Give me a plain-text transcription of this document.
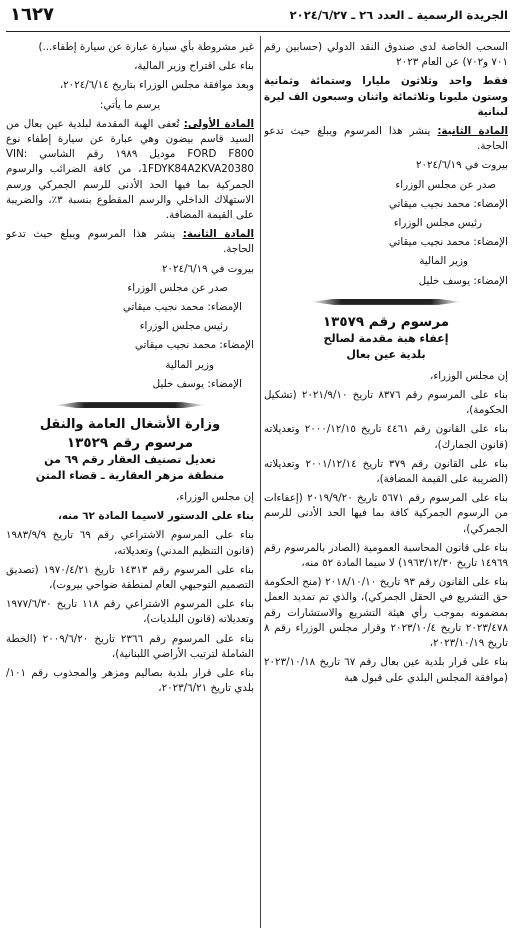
الجريدة الرسمية ـ العدد ٢٦ ـ ٢٠٢٤/٦/٢٧
١٦٢٧

السحب الخاصة لدى صندوق النقد الدولي (حسابين رقم ٧٠١ و٧٠٢) عن العام ٢٠٢٣

فقط واحد وثلاثون مليارا وستمائة وثمانية وستون مليونا وثلاثمائة واثنان وسبعون الف ليرة لبنانية

المادة الثانية: ينشر هذا المرسوم ويبلغ حيث تدعو الحاجة.

بيروت في ٢٠٢٤/٦/١٩

صدر عن مجلس الوزراء

الإمضاء: محمد نجيب ميقاتي

رئيس مجلس الوزراء

الإمضاء: محمد نجيب ميقاتي

وزير المالية

الإمضاء: يوسف خليل

مرسوم رقم ١٣٥٧٩
إعفاء هبة مقدمة لصالح
بلدية عين بعال

إن مجلس الوزراء،

بناء على المرسوم رقم ٨٣٧٦ تاريخ ٢٠٢١/٩/١٠ (تشكيل الحكومة)،

بناء على القانون رقم ٤٤٦١ تاريخ ٢٠٠٠/١٢/١٥ وتعديلاته (قانون الجمارك)،

بناء على القانون رقم ٣٧٩ تاريخ ٢٠٠١/١٢/١٤ وتعديلاته (الضريبة على القيمة المضافة)،

بناء على المرسوم رقم ٥٦٧١ تاريخ ٢٠١٩/٩/٢٠ (إعفاءات من الرسوم الجمركية كافة بما فيها الحد الأدنى للرسم الجمركي)،

بناء على قانون المحاسبة العمومية (الصادر بالمرسوم رقم ١٤٩٦٩ تاريخ ١٩٦٣/١٢/٣٠) لا سيما المادة ٥٢ منه،

بناء على القانون رقم ٩٣ تاريخ ٢٠١٨/١٠/١٠ (منح الحكومة حق التشريع في الحقل الجمركي)، والذي تم تمديد العمل بمضمونه بموجب رأي هيئة التشريع والاستشارات رقم ٢٠٢٣/٤٧٨ تاريخ ٢٠٢٣/١٠/٤ وقرار مجلس الوزراء رقم ٨ تاريخ ٢٠٢٣/١٠/١٩،

بناء على قرار بلدية عين بعال رقم ٦٧ تاريخ ٢٠٢٣/١٠/١٨ (موافقة المجلس البلدي على قبول هبة

غير مشروطة بأي سيارة عبارة عن سيارة إطفاء...)

بناء على اقتراح وزير المالية،

وبعد موافقة مجلس الوزراء بتاريخ ٢٠٢٤/٦/١٤،

يرسم ما يأتي:

المادة الأولى: تُعفى الهبة المقدمة لبلدية عين بعال من السيد قاسم بيضون وهي عبارة عن سيارة إطفاء نوع FORD F800 موديل ١٩٨٩ رقم الشاسي VIN: 1FDYK84A2KVA20380، من كافة الضرائب والرسوم الجمركية بما فيها الحد الأدنى للرسم الجمركي ورسم الاستهلاك الداخلي والرسم المقطوع بنسبة ٣٪، والضريبة على القيمة المضافة.

المادة الثانية: ينشر هذا المرسوم ويبلغ حيث تدعو الحاجة.

بيروت في ٢٠٢٤/٦/١٩

صدر عن مجلس الوزراء

الإمضاء: محمد نجيب ميقاتي

رئيس مجلس الوزراء

الإمضاء: محمد نجيب ميقاتي

وزير المالية

الإمضاء: يوسف خليل

وزارة الأشغال العامة والنقل
مرسوم رقم ١٣٥٢٩
تعديل تصنيف العقار رقم ٦٩ من
منطقة مزهر العقارية ـ قضاء المتن

إن مجلس الوزراء،

بناء على الدستور لاسيما المادة ٦٢ منه،

بناء على المرسوم الاشتراعي رقم ٦٩ تاريخ ١٩٨٣/٩/٩ (قانون التنظيم المدني) وتعديلاته،

بناء على المرسوم رقم ١٤٣١٣ تاريخ ١٩٧٠/٤/٢١ (تصديق التصميم التوجيهي العام لمنطقة ضواحي بيروت)،

بناء على المرسوم الاشتراعي رقم ١١٨ تاريخ ١٩٧٧/٦/٣٠ وتعديلاته (قانون البلديات)،

بناء على المرسوم رقم ٢٣٦٦ تاريخ ٢٠٠٩/٦/٢٠ (الخطة الشاملة لترتيب الأراضي اللبنانية)،

بناء على قرار بلدية بصاليم ومزهر والمجذوب رقم ١٠١/ بلدي تاريخ ٢٠٢٣/٦/٢١،
